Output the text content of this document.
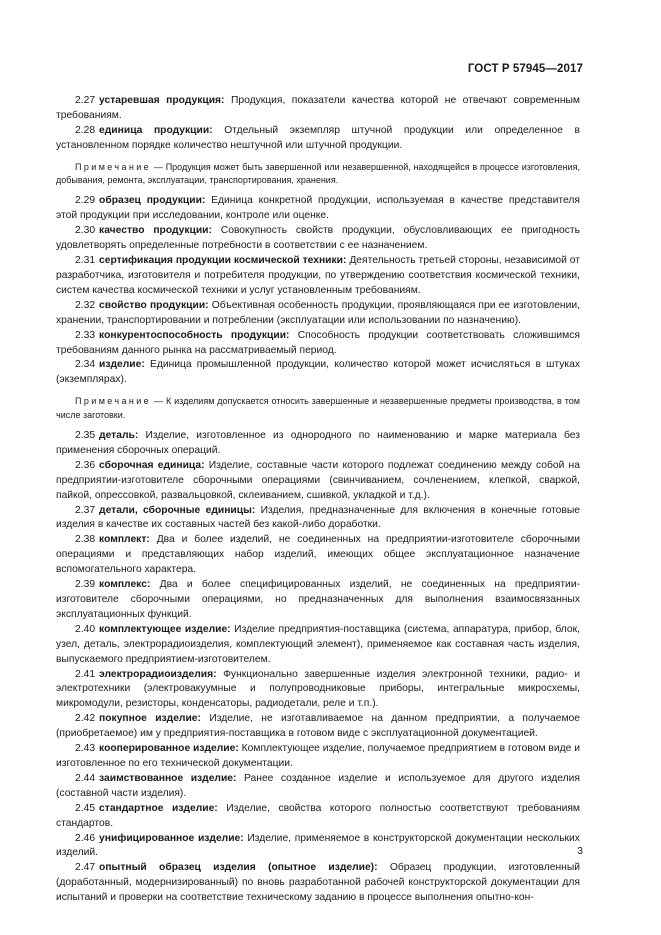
ГОСТ Р 57945—2017

2.27 устаревшая продукция: Продукция, показатели качества которой не отвечают современным требованиям.

2.28 единица продукции: Отдельный экземпляр штучной продукции или определенное в установленном порядке количество нештучной или штучной продукции.

Примечание — Продукция может быть завершенной или незавершенной, находящейся в процессе изготовления, добывания, ремонта, эксплуатации, транспортирования, хранения.

2.29 образец продукции: Единица конкретной продукции, используемая в качестве представителя этой продукции при исследовании, контроле или оценке.

2.30 качество продукции: Совокупность свойств продукции, обусловливающих ее пригодность удовлетворять определенные потребности в соответствии с ее назначением.

2.31 сертификация продукции космической техники: Деятельность третьей стороны, независимой от разработчика, изготовителя и потребителя продукции, по утверждению соответствия космической техники, систем качества космической техники и услуг установленным требованиям.

2.32 свойство продукции: Объективная особенность продукции, проявляющаяся при ее изготовлении, хранении, транспортировании и потреблении (эксплуатации или использовании по назначению).

2.33 конкурентоспособность продукции: Способность продукции соответствовать сложившимся требованиям данного рынка на рассматриваемый период.

2.34 изделие: Единица промышленной продукции, количество которой может исчисляться в штуках (экземплярах).

Примечание — К изделиям допускается относить завершенные и незавершенные предметы производства, в том числе заготовки.

2.35 деталь: Изделие, изготовленное из однородного по наименованию и марке материала без применения сборочных операций.

2.36 сборочная единица: Изделие, составные части которого подлежат соединению между собой на предприятии-изготовителе сборочными операциями (свинчиванием, сочленением, клепкой, сваркой, пайкой, опрессовкой, развальцовкой, склеиванием, сшивкой, укладкой и т.д.).

2.37 детали, сборочные единицы: Изделия, предназначенные для включения в конечные готовые изделия в качестве их составных частей без какой-либо доработки.

2.38 комплект: Два и более изделий, не соединенных на предприятии-изготовителе сборочными операциями и представляющих набор изделий, имеющих общее эксплуатационное назначение вспомогательного характера.

2.39 комплекс: Два и более специфицированных изделий, не соединенных на предприятии-изготовителе сборочными операциями, но предназначенных для выполнения взаимосвязанных эксплуатационных функций.

2.40 комплектующее изделие: Изделие предприятия-поставщика (система, аппаратура, прибор, блок, узел, деталь, электрорадиоизделия, комплектующий элемент), применяемое как составная часть изделия, выпускаемого предприятием-изготовителем.

2.41 электрорадиоизделия: Функционально завершенные изделия электронной техники, радио- и электротехники (электровакуумные и полупроводниковые приборы, интегральные микросхемы, микромодули, резисторы, конденсаторы, радиодетали, реле и т.п.).

2.42 покупное изделие: Изделие, не изготавливаемое на данном предприятии, а получаемое (приобретаемое) им у предприятия-поставщика в готовом виде с эксплуатационной документацией.

2.43 кооперированное изделие: Комплектующее изделие, получаемое предприятием в готовом виде и изготовленное по его технической документации.

2.44 заимствованное изделие: Ранее созданное изделие и используемое для другого изделия (составной части изделия).

2.45 стандартное изделие: Изделие, свойства которого полностью соответствуют требованиям стандартов.

2.46 унифицированное изделие: Изделие, применяемое в конструкторской документации нескольких изделий.

2.47 опытный образец изделия (опытное изделие): Образец продукции, изготовленный (доработанный, модернизированный) по вновь разработанной рабочей конструкторской документации для испытаний и проверки на соответствие техническому заданию в процессе выполнения опытно-кон-

3
